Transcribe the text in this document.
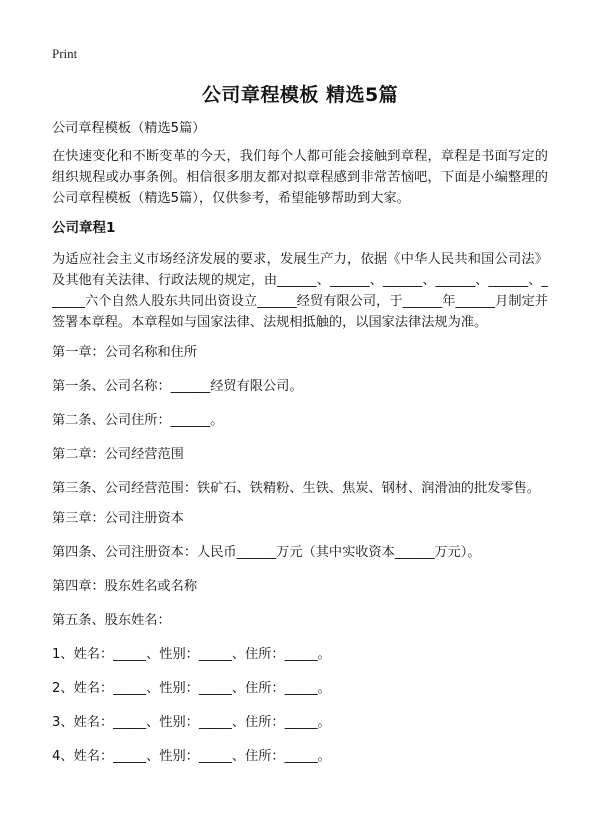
Print
公司章程模板 精选5篇

公司章程模板（精选5篇）

在快速变化和不断变革的今天，我们每个人都可能会接触到章程，章程是书面写定的组织规程或办事条例。相信很多朋友都对拟章程感到非常苦恼吧，下面是小编整理的公司章程模板（精选5篇），仅供参考，希望能够帮助到大家。

公司章程1

为适应社会主义市场经济发展的要求，发展生产力，依据《中华人民共和国公司法》及其他有关法律、行政法规的规定，由______、______、______、______、______、______六个自然人股东共同出资设立______经贸有限公司，于______年______月制定并签署本章程。本章程如与国家法律、法规相抵触的，以国家法律法规为准。

第一章：公司名称和住所
第一条、公司名称：______经贸有限公司。
第二条、公司住所：______。
第二章：公司经营范围

第三条、公司经营范围：铁矿石、铁精粉、生铁、焦炭、钢材、润滑油的批发零售。

第三章：公司注册资本
第四条、公司注册资本：人民币______万元（其中实收资本______万元）。
第四章：股东姓名或名称
第五条、股东姓名：
1、姓名：_____、性别：_____、住所：_____。
2、姓名：_____、性别：_____、住所：_____。
3、姓名：_____、性别：_____、住所：_____。
4、姓名：_____、性别：_____、住所：_____。
